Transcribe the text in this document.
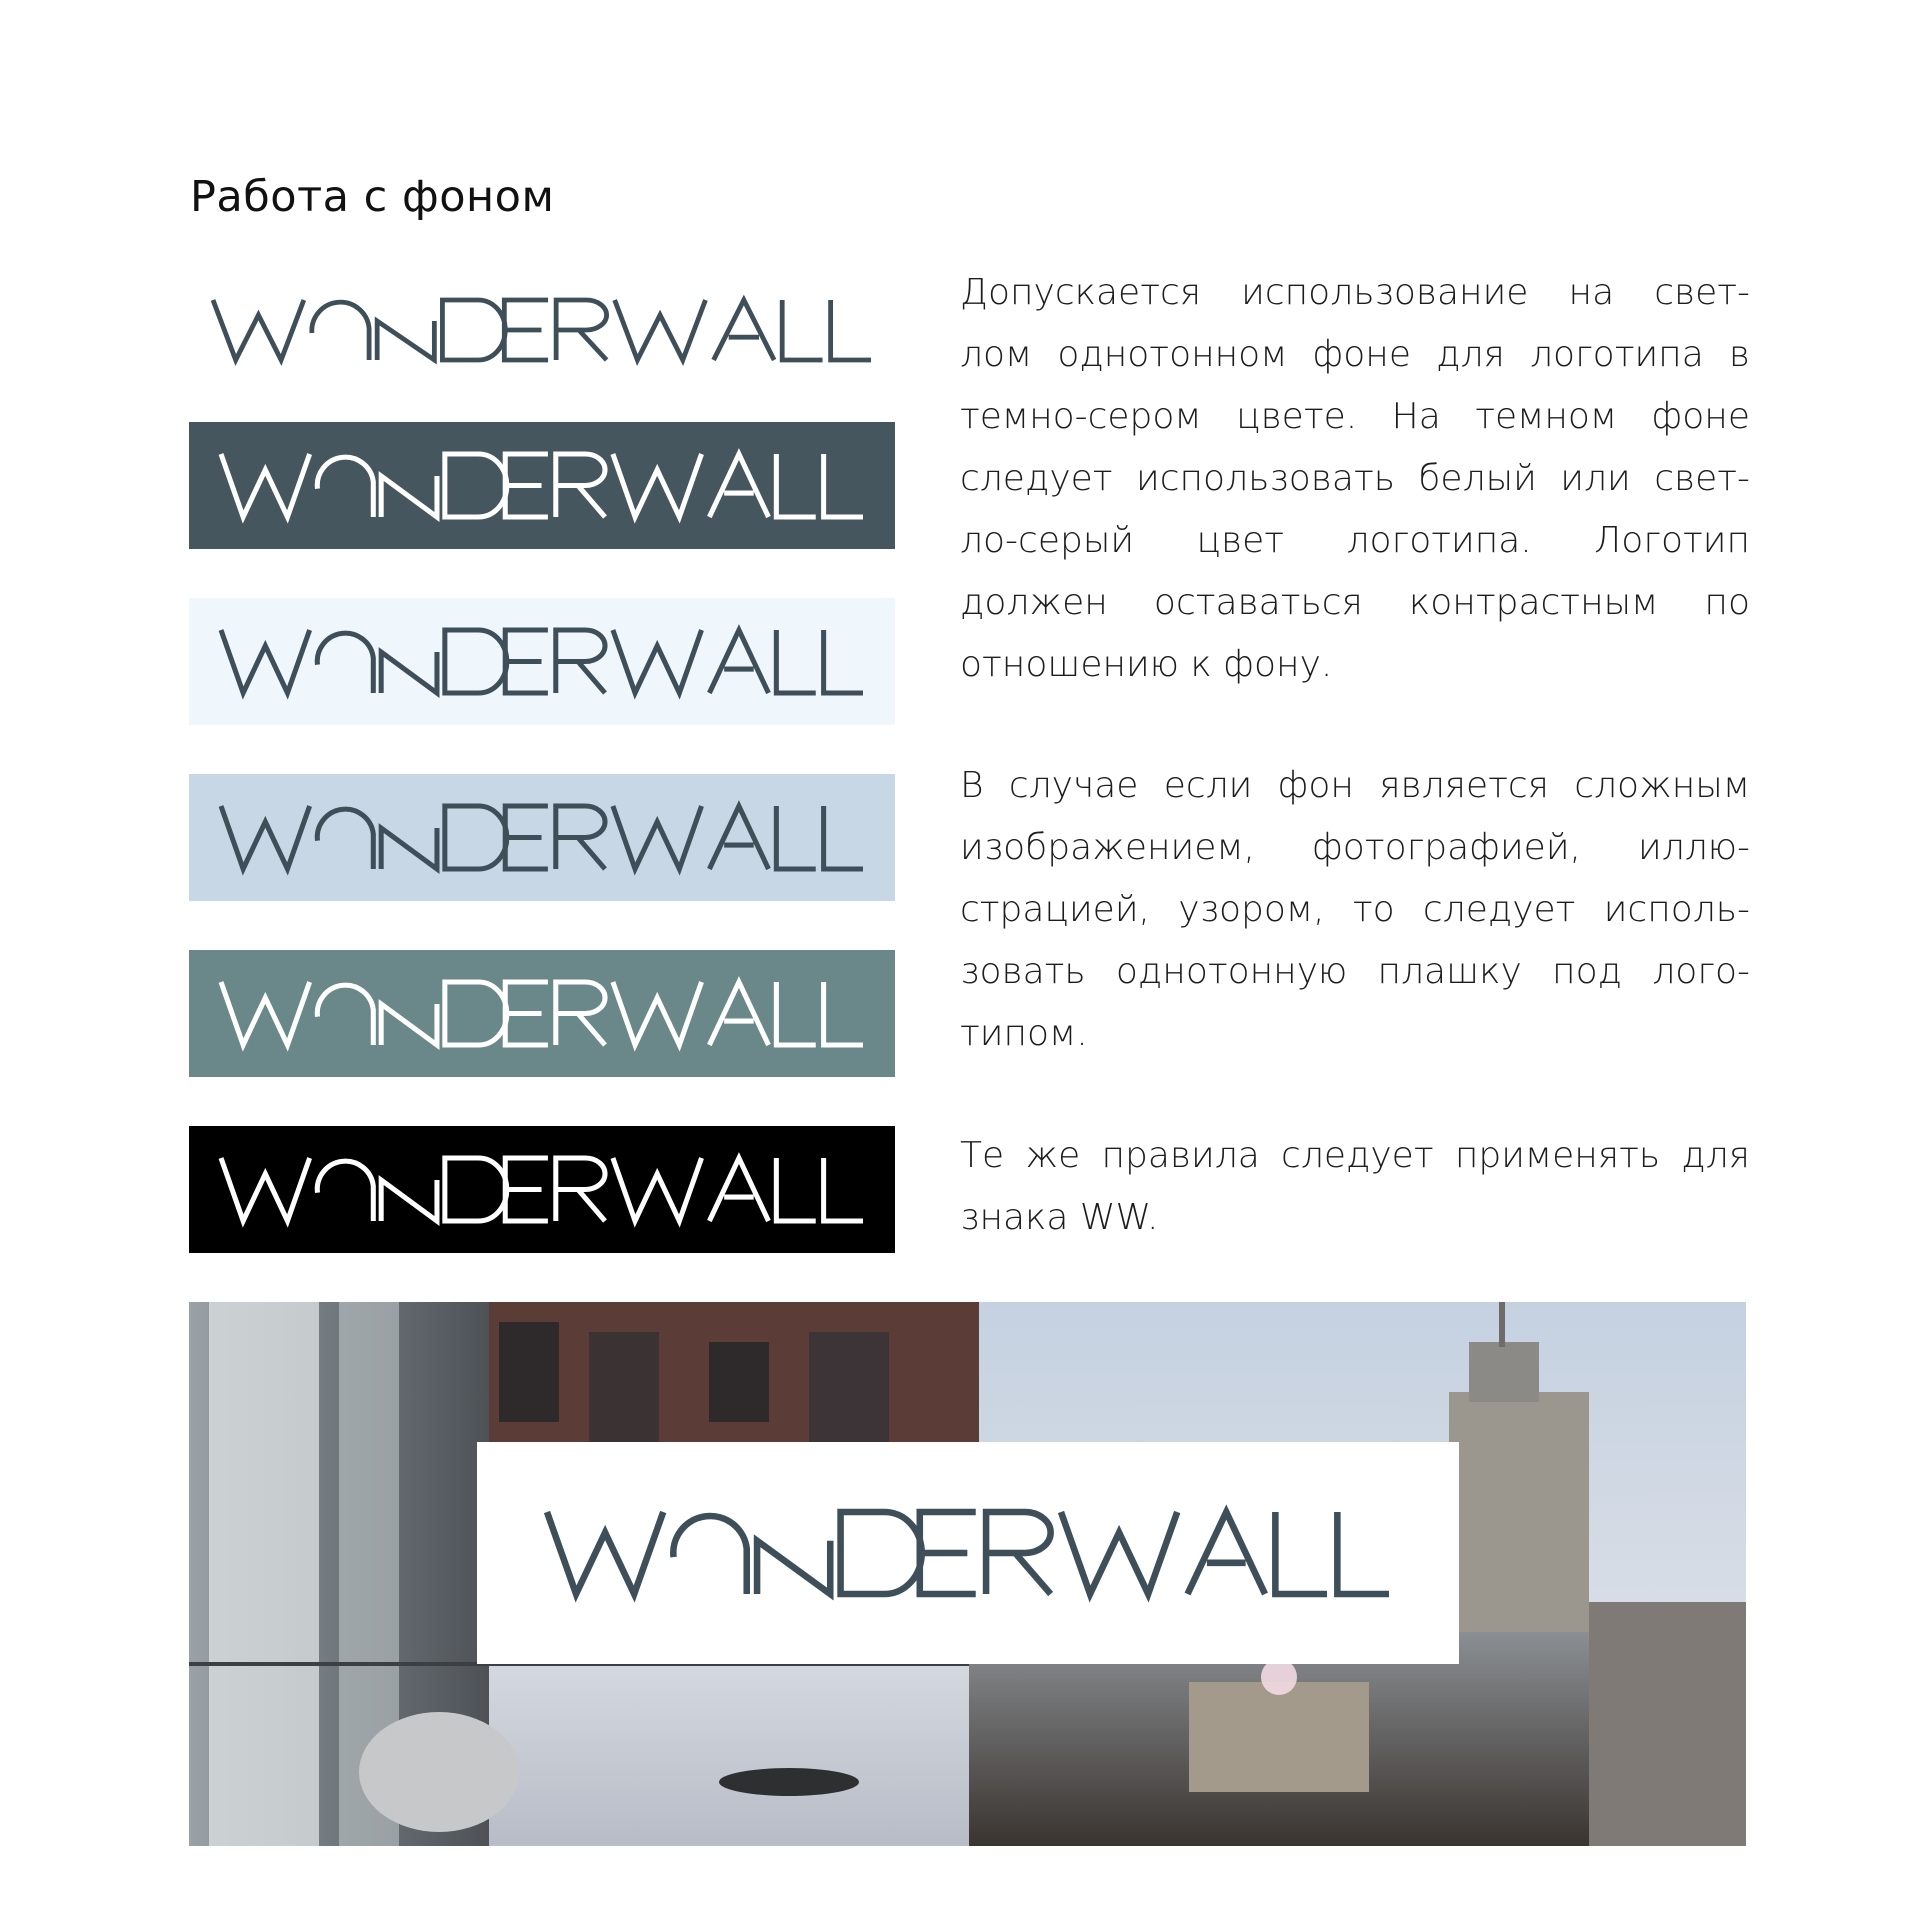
Работа с фоном
Допускается использование на свет-
лом однотонном фоне для логотипа в
темно-сером цвете. На темном фоне
следует использовать белый или свет-
ло-серый цвет логотипа. Логотип
должен оставаться контрастным по
отношению к фону.
В случае если фон является сложным
изображением, фотографией, иллю-
страцией, узором, то следует исполь-
зовать однотонную плашку под лого-
типом.
Те же правила следует применять для
знака WW.
